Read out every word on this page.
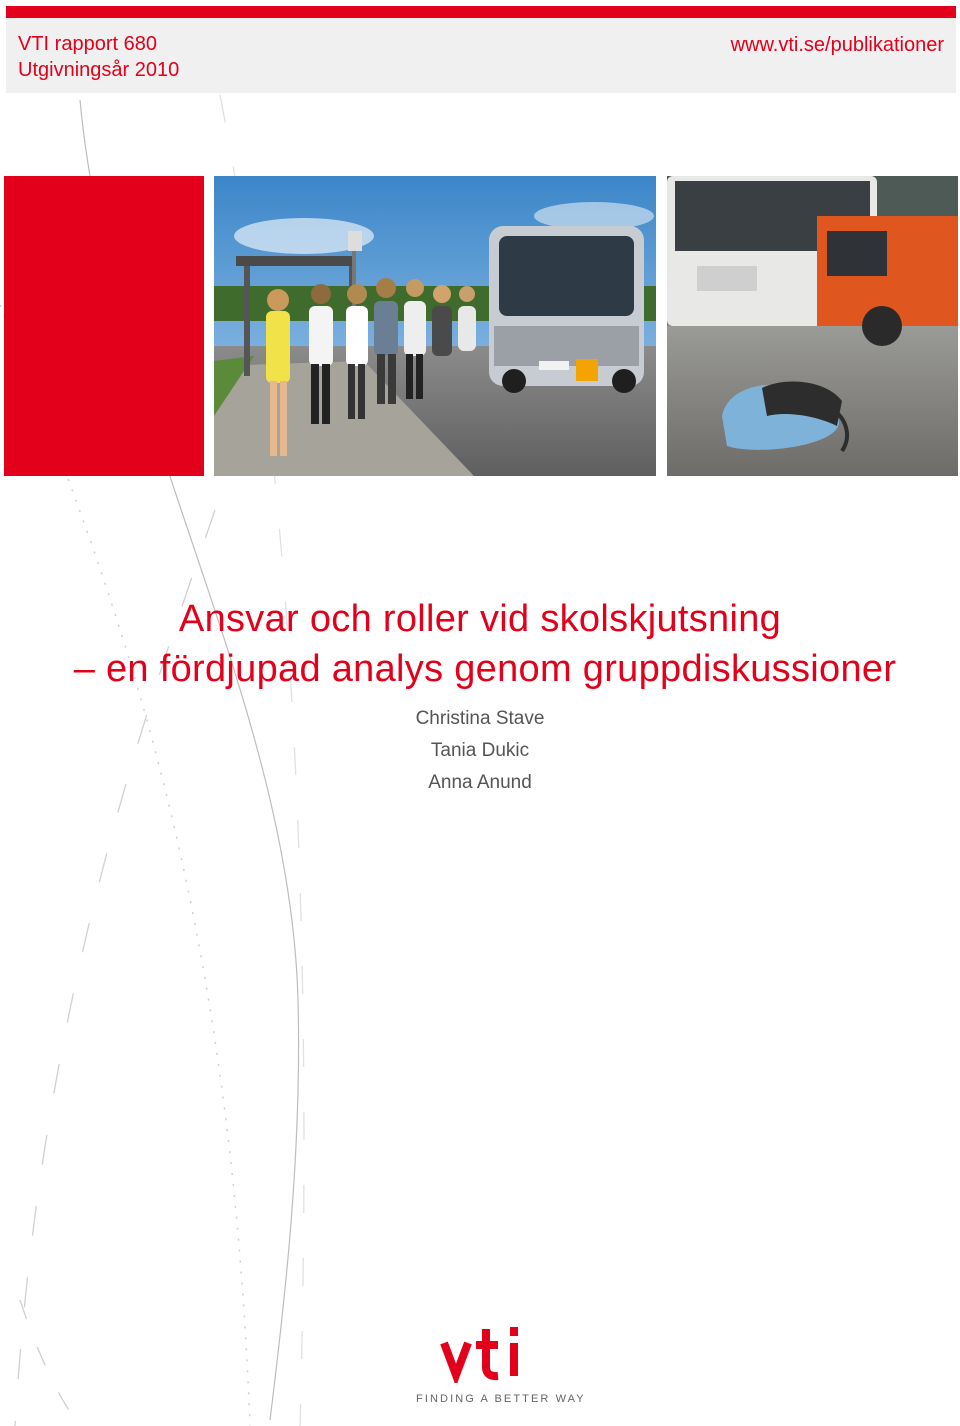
VTI rapport 680
Utgivningsår 2010
www.vti.se/publikationer
Ansvar och roller vid skolskjutsning
– en fördjupad analys genom gruppdiskussioner
Christina Stave
Tania Dukic
Anna Anund
FINDING A BETTER WAY
